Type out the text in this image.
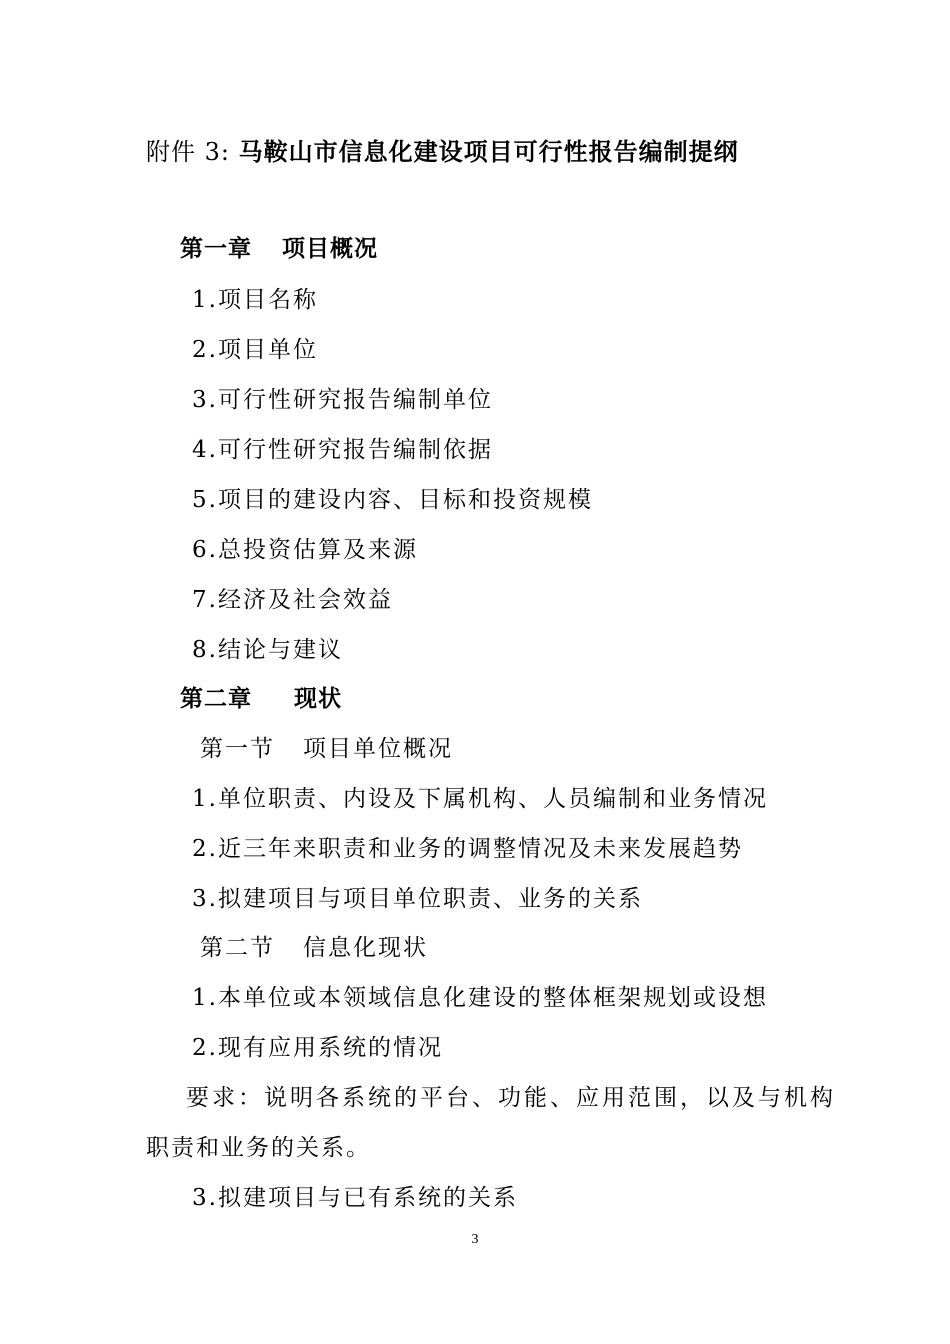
附件 3: 马鞍山市信息化建设项目可行性报告编制提纲
第一章 项目概况
1.项目名称
2.项目单位
3.可行性研究报告编制单位
4.可行性研究报告编制依据
5.项目的建设内容、目标和投资规模
6.总投资估算及来源
7.经济及社会效益
8.结论与建议
第二章 现状
第一节 项目单位概况
1.单位职责、内设及下属机构、人员编制和业务情况
2.近三年来职责和业务的调整情况及未来发展趋势
3.拟建项目与项目单位职责、业务的关系
第二节 信息化现状
1.本单位或本领域信息化建设的整体框架规划或设想
2.现有应用系统的情况
要求：说明各系统的平台、功能、应用范围，以及与机构
职责和业务的关系。
3.拟建项目与已有系统的关系
3
